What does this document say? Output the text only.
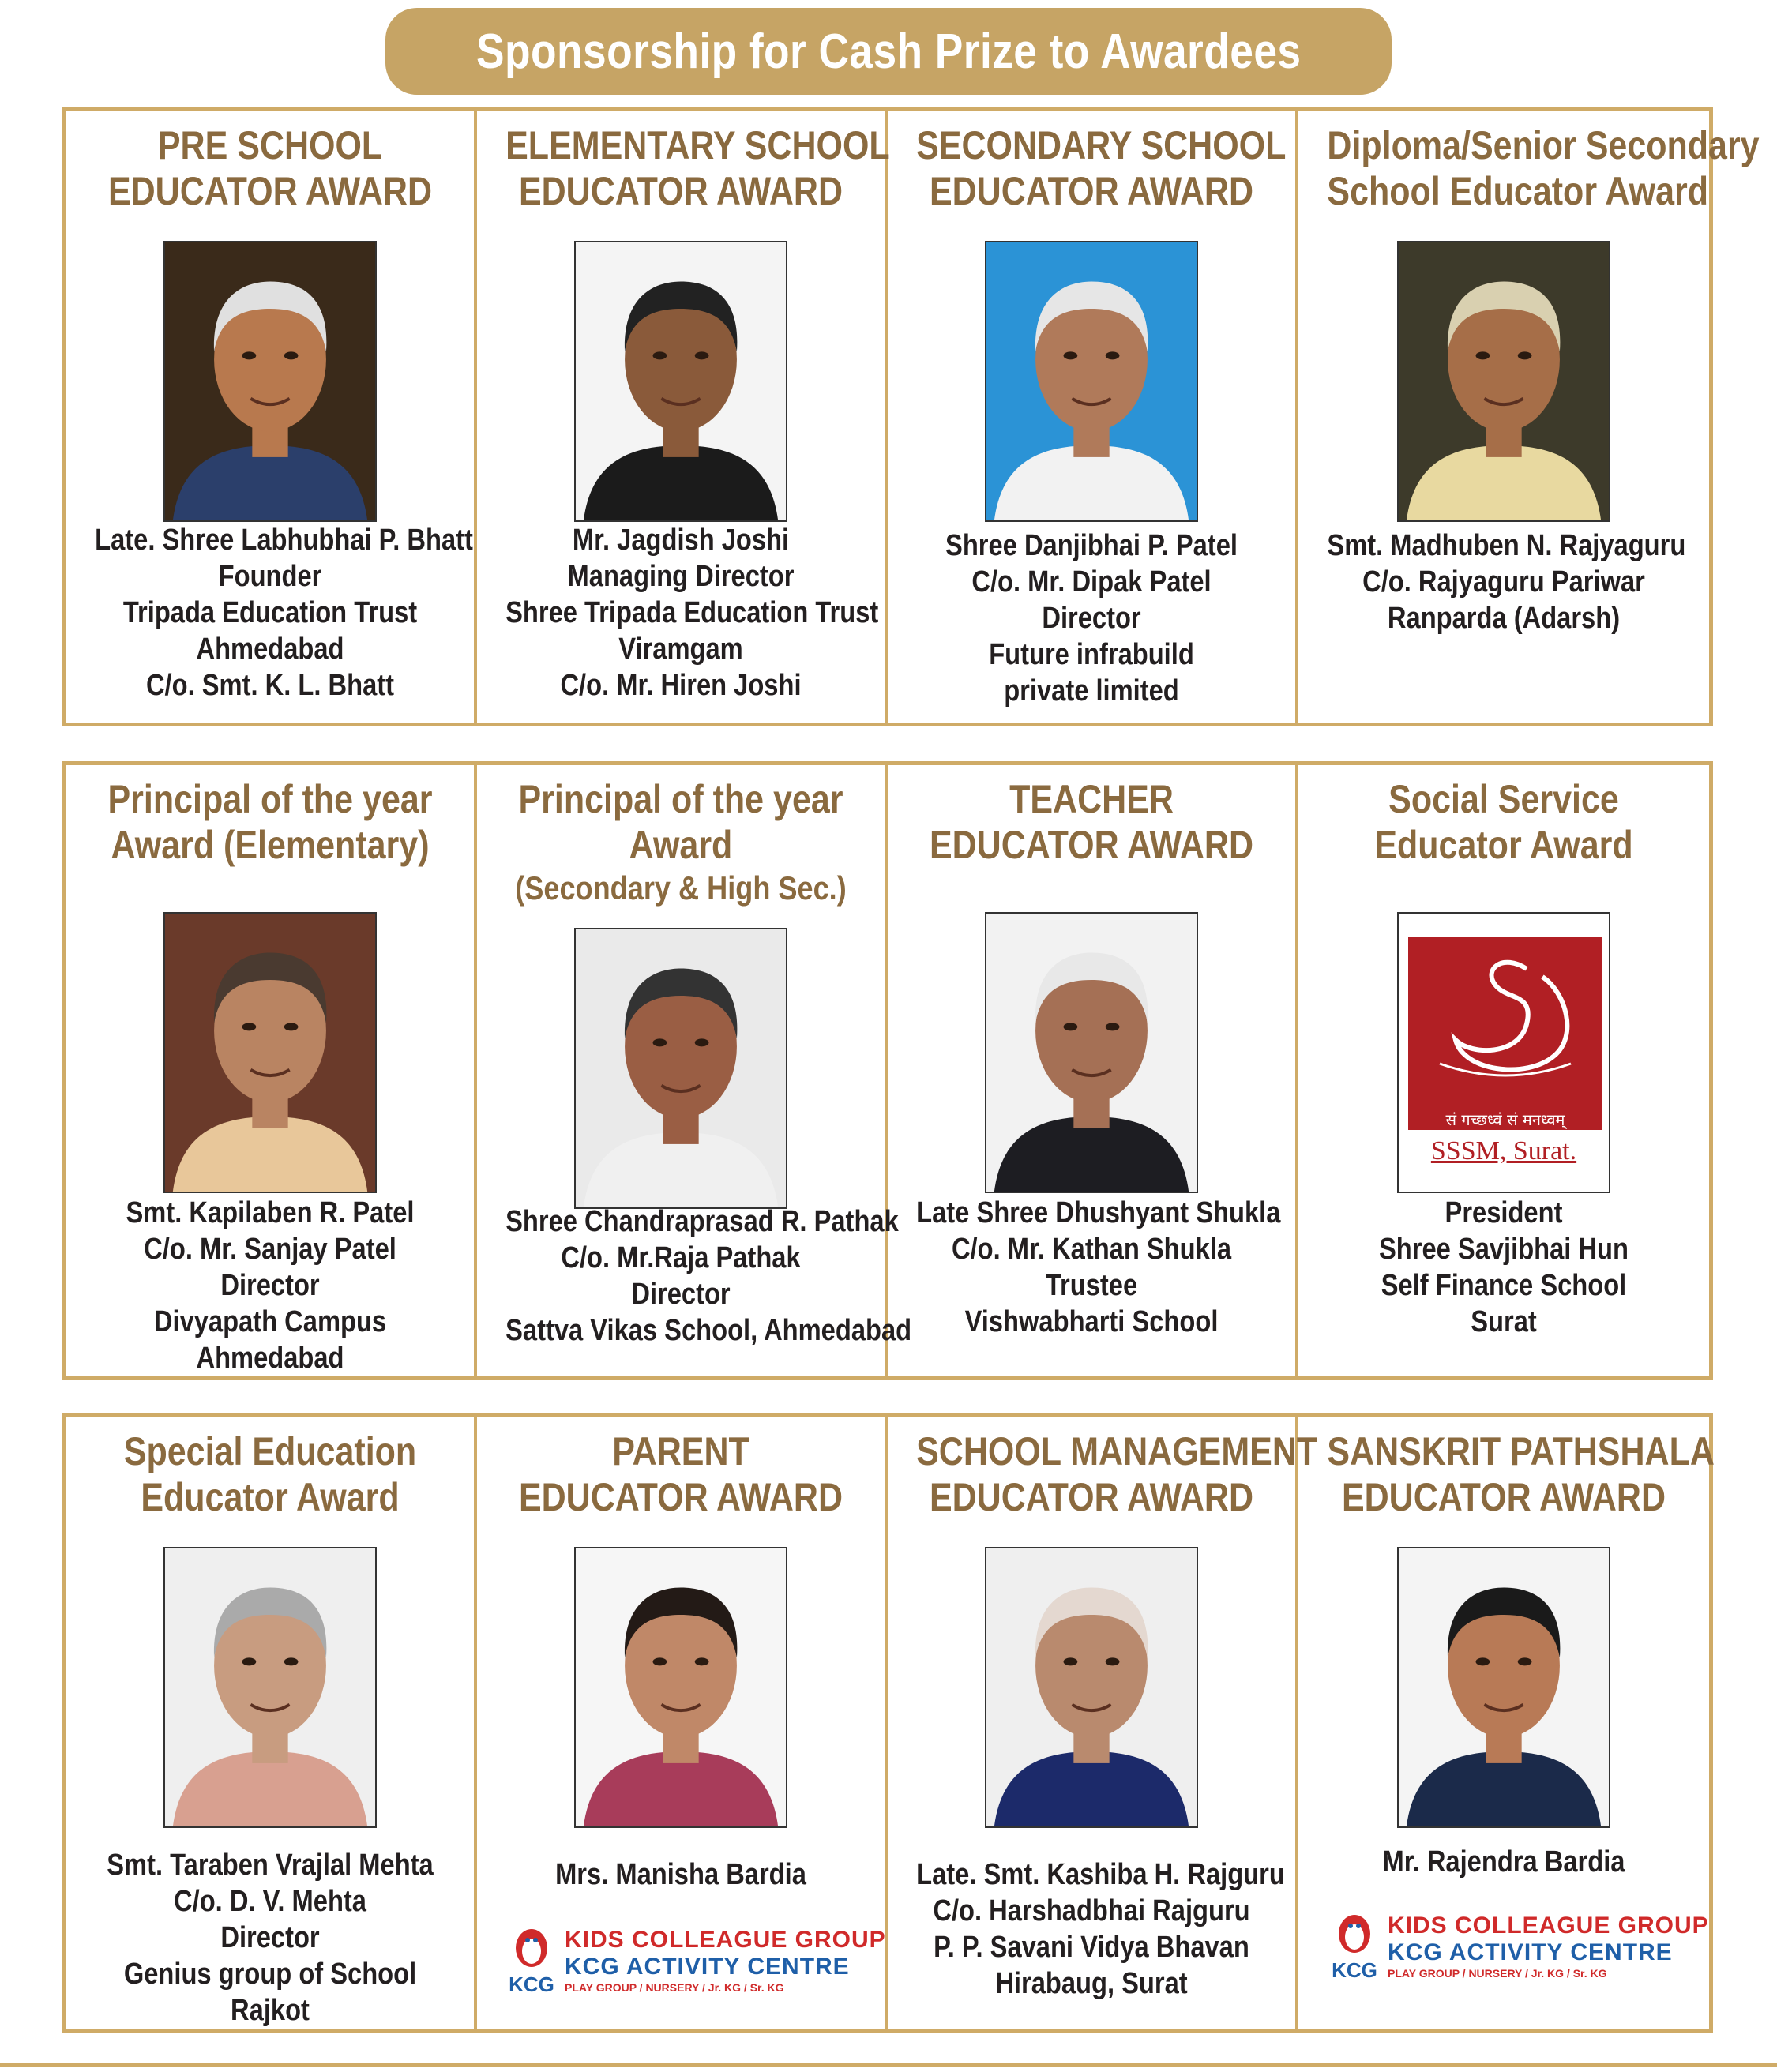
Sponsorship for Cash Prize to Awardees
PRE SCHOOL
EDUCATOR AWARD
Late. Shree Labhubhai P. Bhatt
Founder
Tripada Education Trust
Ahmedabad
C/o. Smt. K. L. Bhatt
ELEMENTARY SCHOOL
EDUCATOR AWARD
Mr. Jagdish Joshi
Managing Director
Shree Tripada Education Trust
Viramgam
C/o. Mr. Hiren Joshi
SECONDARY SCHOOL
EDUCATOR AWARD
Shree Danjibhai P. Patel
C/o. Mr. Dipak Patel
Director
Future infrabuild
private limited
Diploma/Senior Secondary
School Educator Award
Smt. Madhuben N. Rajyaguru
C/o. Rajyaguru Pariwar
Ranparda (Adarsh)
Principal of the year
Award (Elementary)
Smt. Kapilaben R. Patel
C/o. Mr. Sanjay Patel
Director
Divyapath Campus
Ahmedabad
Principal of the year
Award
(Secondary & High Sec.)
Shree Chandraprasad R. Pathak
C/o. Mr.Raja Pathak
Director
Sattva Vikas School, Ahmedabad
TEACHER
EDUCATOR AWARD
Late Shree Dhushyant Shukla
C/o. Mr. Kathan Shukla
Trustee
Vishwabharti School
Social Service
Educator Award
सं गच्छध्वं सं मनध्वम्
SSSM, Surat.
President
Shree Savjibhai Hun
Self Finance School
Surat
Special Education
Educator Award
Smt. Taraben Vrajlal Mehta
C/o. D. V. Mehta
Director
Genius group of School
Rajkot
PARENT
EDUCATOR AWARD
Mrs. Manisha Bardia
KCG
KIDS COLLEAGUE GROUP
KCG ACTIVITY CENTRE
PLAY GROUP / NURSERY / Jr. KG / Sr. KG
SCHOOL MANAGEMENT
EDUCATOR AWARD
Late. Smt. Kashiba H. Rajguru
C/o. Harshadbhai Rajguru
P. P. Savani Vidya Bhavan
Hirabaug, Surat
SANSKRIT PATHSHALA
EDUCATOR AWARD
Mr. Rajendra Bardia
KCG
KIDS COLLEAGUE GROUP
KCG ACTIVITY CENTRE
PLAY GROUP / NURSERY / Jr. KG / Sr. KG
